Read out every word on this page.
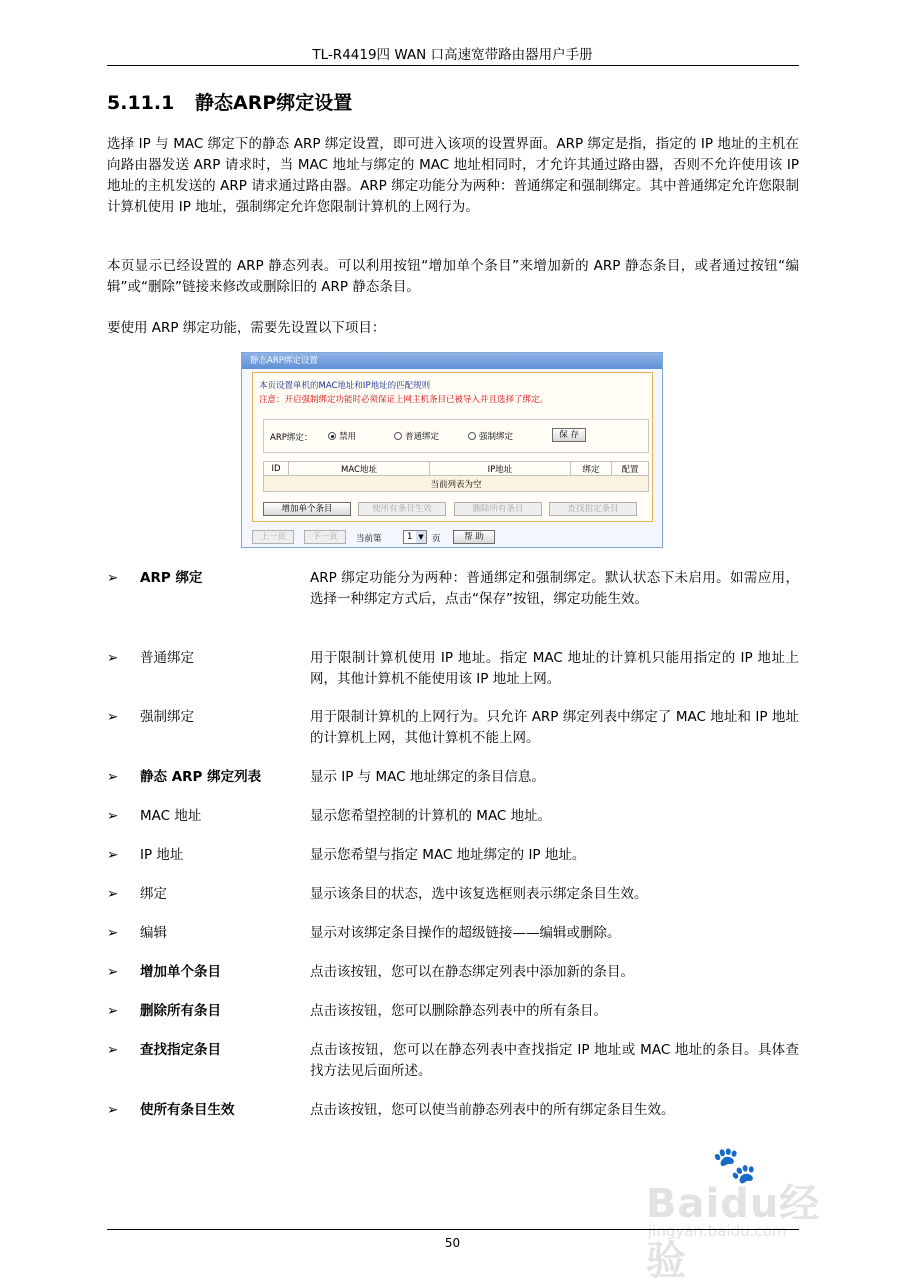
TL-R4419四 WAN 口高速宽带路由器用户手册
5.11.1 静态ARP绑定设置
选择 IP 与 MAC 绑定下的静态 ARP 绑定设置，即可进入该项的设置界面。ARP 绑定是指，指定的 IP 地址的主机在向路由器发送 ARP 请求时，当 MAC 地址与绑定的 MAC 地址相同时，才允许其通过路由器，否则不允许使用该 IP 地址的主机发送的 ARP 请求通过路由器。ARP 绑定功能分为两种：普通绑定和强制绑定。其中普通绑定允许您限制计算机使用 IP 地址，强制绑定允许您限制计算机的上网行为。
本页显示已经设置的 ARP 静态列表。可以利用按钮“增加单个条目”来增加新的 ARP 静态条目，或者通过按钮“编辑”或“删除”链接来修改或删除旧的 ARP 静态条目。
要使用 ARP 绑定功能，需要先设置以下项目：
静态ARP绑定设置
本页设置单机的MAC地址和IP地址的匹配规则
注意：开启强制绑定功能时必须保证上网主机条目已被导入并且选择了绑定。
ARP绑定：	禁用	普通绑定	强制绑定	保 存
ID	MAC地址	IP地址	绑定	配置
当前列表为空
增加单个条目	使所有条目生效	删除所有条目	查找指定条目
上一页	下一页	当前第	1 ▼ 页	帮 助
➢ ARP 绑定	ARP 绑定功能分为两种：普通绑定和强制绑定。默认状态下未启用。如需应用，选择一种绑定方式后，点击“保存”按钮，绑定功能生效。
➢ 普通绑定	用于限制计算机使用 IP 地址。指定 MAC 地址的计算机只能用指定的 IP 地址上网，其他计算机不能使用该 IP 地址上网。
➢ 强制绑定	用于限制计算机的上网行为。只允许 ARP 绑定列表中绑定了 MAC 地址和 IP 地址的计算机上网，其他计算机不能上网。
➢ 静态 ARP 绑定列表	显示 IP 与 MAC 地址绑定的条目信息。
➢ MAC 地址	显示您希望控制的计算机的 MAC 地址。
➢ IP 地址	显示您希望与指定 MAC 地址绑定的 IP 地址。
➢ 绑定	显示该条目的状态，选中该复选框则表示绑定条目生效。
➢ 编辑	显示对该绑定条目操作的超级链接——编辑或删除。
➢ 增加单个条目	点击该按钮，您可以在静态绑定列表中添加新的条目。
➢ 删除所有条目	点击该按钮，您可以删除静态列表中的所有条目。
➢ 查找指定条目	点击该按钮，您可以在静态列表中查找指定 IP 地址或 MAC 地址的条目。具体查找方法见后面所述。
➢ 使所有条目生效	点击该按钮，您可以使当前静态列表中的所有绑定条目生效。
🐾
Baidu经验
jingyan.baidu.com
50
